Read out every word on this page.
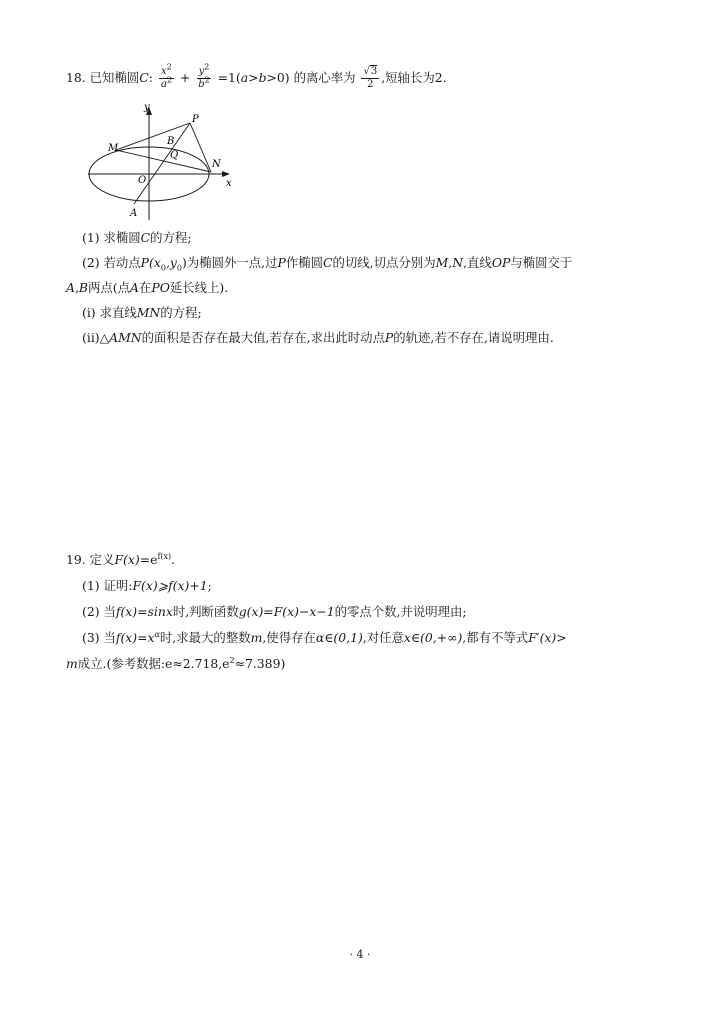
18. 已知椭圆C: $\frac{x^2}{a^2} + \frac{y^2}{b^2} =1(a>b>0)$ 的离心率为 $\frac{√3}{2}$ ,短轴长为2.
y
x
P
B
M
Q
N
O
A
(1) 求椭圆C的方程;
(2) 若动点$P(x_0,y_0)$为椭圆外一点,过P作椭圆C的切线,切点分别为M,N,直线OP与椭圆交于
A,B两点(点A在PO延长线上).
(ⅰ) 求直线MN的方程;
(ⅱ)△AMN的面积是否存在最大值,若存在,求出此时动点P的轨迹,若不存在,请说明理由.
19. 定义$F(x)=e^{f(x)}$.
(1) 证明:F(x)⩾f(x)+1;
(2) 当f(x)=sinx时,判断函数g(x)=F(x)−x−1的零点个数,并说明理由;
(3) 当$f(x)=x^\alpha$时,求最大的整数m,使得存在α∈(0,1),对任意x∈(0,+∞),都有不等式F′(x)>
m成立.(参考数据$:e\approx 2.718,e^2\approx 7.389$)
· 4 ·
